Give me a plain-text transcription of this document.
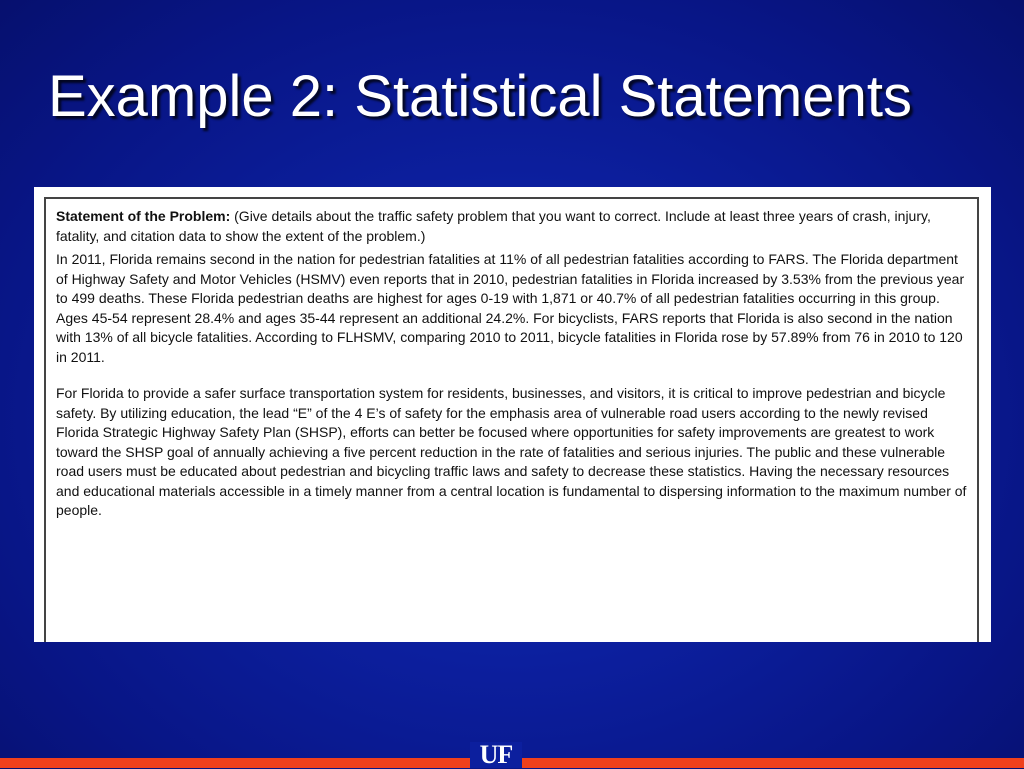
Example 2: Statistical Statements

Statement of the Problem: (Give details about the traffic safety problem that you want to correct. Include at least three years of crash, injury, fatality, and citation data to show the extent of the problem.)

In 2011, Florida remains second in the nation for pedestrian fatalities at 11% of all pedestrian fatalities according to FARS. The Florida department of Highway Safety and Motor Vehicles (HSMV) even reports that in 2010, pedestrian fatalities in Florida increased by 3.53% from the previous year to 499 deaths. These Florida pedestrian deaths are highest for ages 0-19 with 1,871 or 40.7% of all pedestrian fatalities occurring in this group. Ages 45-54 represent 28.4% and ages 35-44 represent an additional 24.2%. For bicyclists, FARS reports that Florida is also second in the nation with 13% of all bicycle fatalities. According to FLHSMV, comparing 2010 to 2011, bicycle fatalities in Florida rose by 57.89% from 76 in 2010 to 120 in 2011.

For Florida to provide a safer surface transportation system for residents, businesses, and visitors, it is critical to improve pedestrian and bicycle safety. By utilizing education, the lead “E” of the 4 E’s of safety for the emphasis area of vulnerable road users according to the newly revised Florida Strategic Highway Safety Plan (SHSP), efforts can better be focused where opportunities for safety improvements are greatest to work toward the SHSP goal of annually achieving a five percent reduction in the rate of fatalities and serious injuries. The public and these vulnerable road users must be educated about pedestrian and bicycling traffic laws and safety to decrease these statistics. Having the necessary resources and educational materials accessible in a timely manner from a central location is fundamental to dispersing information to the maximum number of people.

UF
